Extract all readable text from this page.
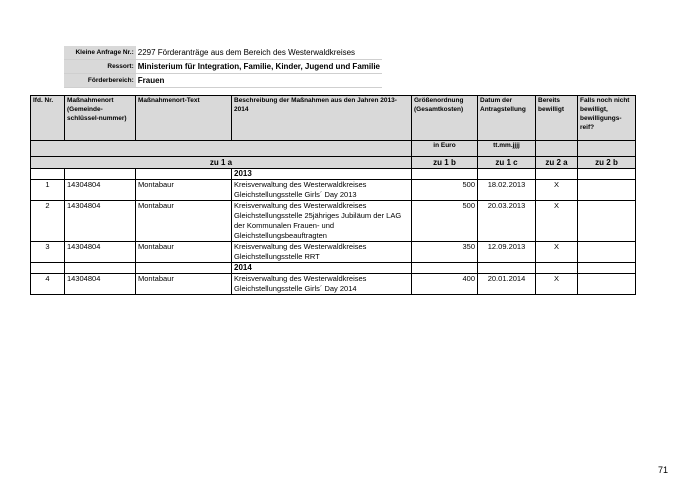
Kleine Anfrage Nr.:	2297 Förderanträge aus dem Bereich des Westerwaldkreises
Ressort:	Ministerium für Integration, Familie, Kinder, Jugend und Familie
Förderbereich:	Frauen
lfd. Nr.	Maßnahmenort (Gemeinde-schlüssel-nummer)	Maßnahmenort-Text	Beschreibung der Maßnahmen aus den Jahren 2013-2014	Größenordnung (Gesamtkosten)	Datum der Antragstellung	Bereits bewilligt	Falls noch nicht bewilligt, bewilligungs-reif?
				in Euro	tt.mm.jjjj		
zu 1 a				zu 1 b	zu 1 c	zu 2 a	zu 2 b
			2013				
1	14304804	Montabaur	Kreisverwaltung des Westerwaldkreises Gleichstellungsstelle Girls´ Day 2013	500	18.02.2013	X	
2	14304804	Montabaur	Kreisverwaltung des Westerwaldkreises Gleichstellungsstelle 25jähriges Jubiläum der LAG der Kommunalen Frauen- und Gleichstellungsbeauftragten	500	20.03.2013	X	
3	14304804	Montabaur	Kreisverwaltung des Westerwaldkreises Gleichstellungsstelle RRT	350	12.09.2013	X	
			2014				
4	14304804	Montabaur	Kreisverwaltung des Westerwaldkreises Gleichstellungsstelle Girls´ Day 2014	400	20.01.2014	X	
71
